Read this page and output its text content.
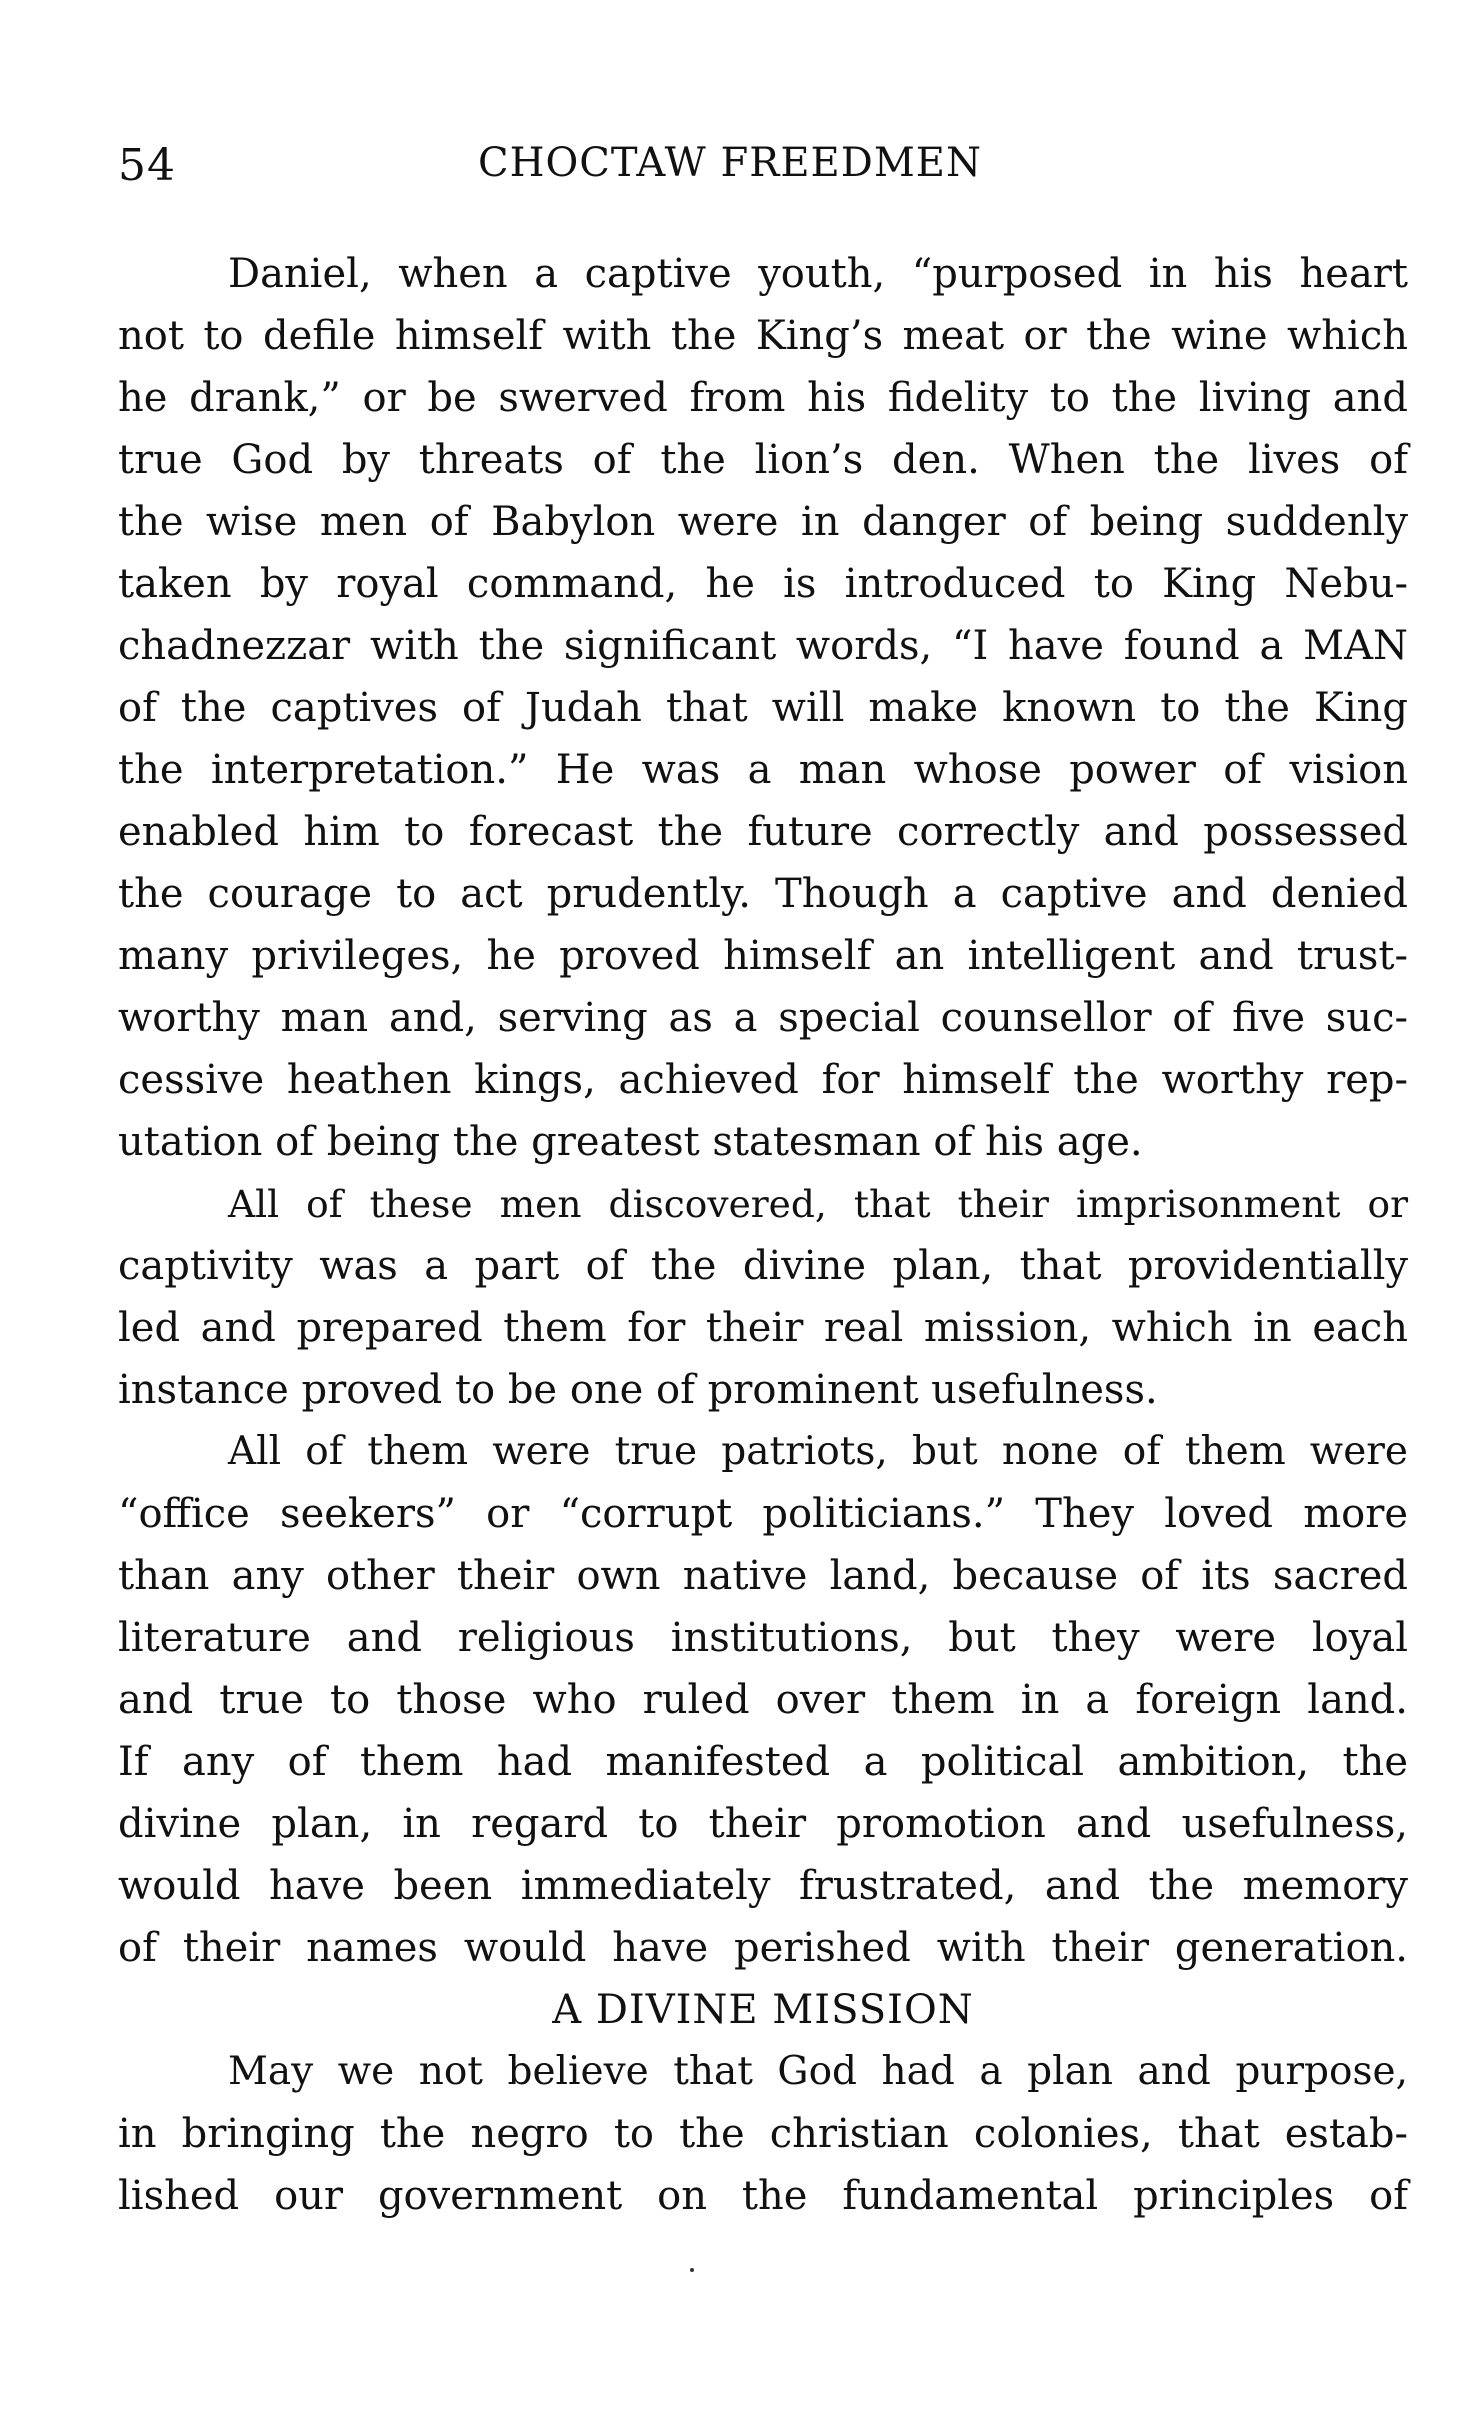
54	CHOCTAW FREEDMEN
Daniel, when a captive youth, “purposed in his heart
not to defile himself with the King’s meat or the wine which
he drank,” or be swerved from his fidelity to the living and
true God by threats of the lion’s den. When the lives of
the wise men of Babylon were in danger of being suddenly
taken by royal command, he is introduced to King Nebu-
chadnezzar with the significant words, “I have found a MAN
of the captives of Judah that will make known to the King
the interpretation.” He was a man whose power of vision
enabled him to forecast the future correctly and possessed
the courage to act prudently. Though a captive and denied
many privileges, he proved himself an intelligent and trust-
worthy man and, serving as a special counsellor of five suc-
cessive heathen kings, achieved for himself the worthy rep-
utation of being the greatest statesman of his age.
All of these men discovered, that their imprisonment or
captivity was a part of the divine plan, that providentially
led and prepared them for their real mission, which in each
instance proved to be one of prominent usefulness.
All of them were true patriots, but none of them were
“office seekers” or “corrupt politicians.” They loved more
than any other their own native land, because of its sacred
literature and religious institutions, but they were loyal
and true to those who ruled over them in a foreign land.
If any of them had manifested a political ambition, the
divine plan, in regard to their promotion and usefulness,
would have been immediately frustrated, and the memory
of their names would have perished with their generation.
A DIVINE MISSION
May we not believe that God had a plan and purpose,
in bringing the negro to the christian colonies, that estab-
lished our government on the fundamental principles of
